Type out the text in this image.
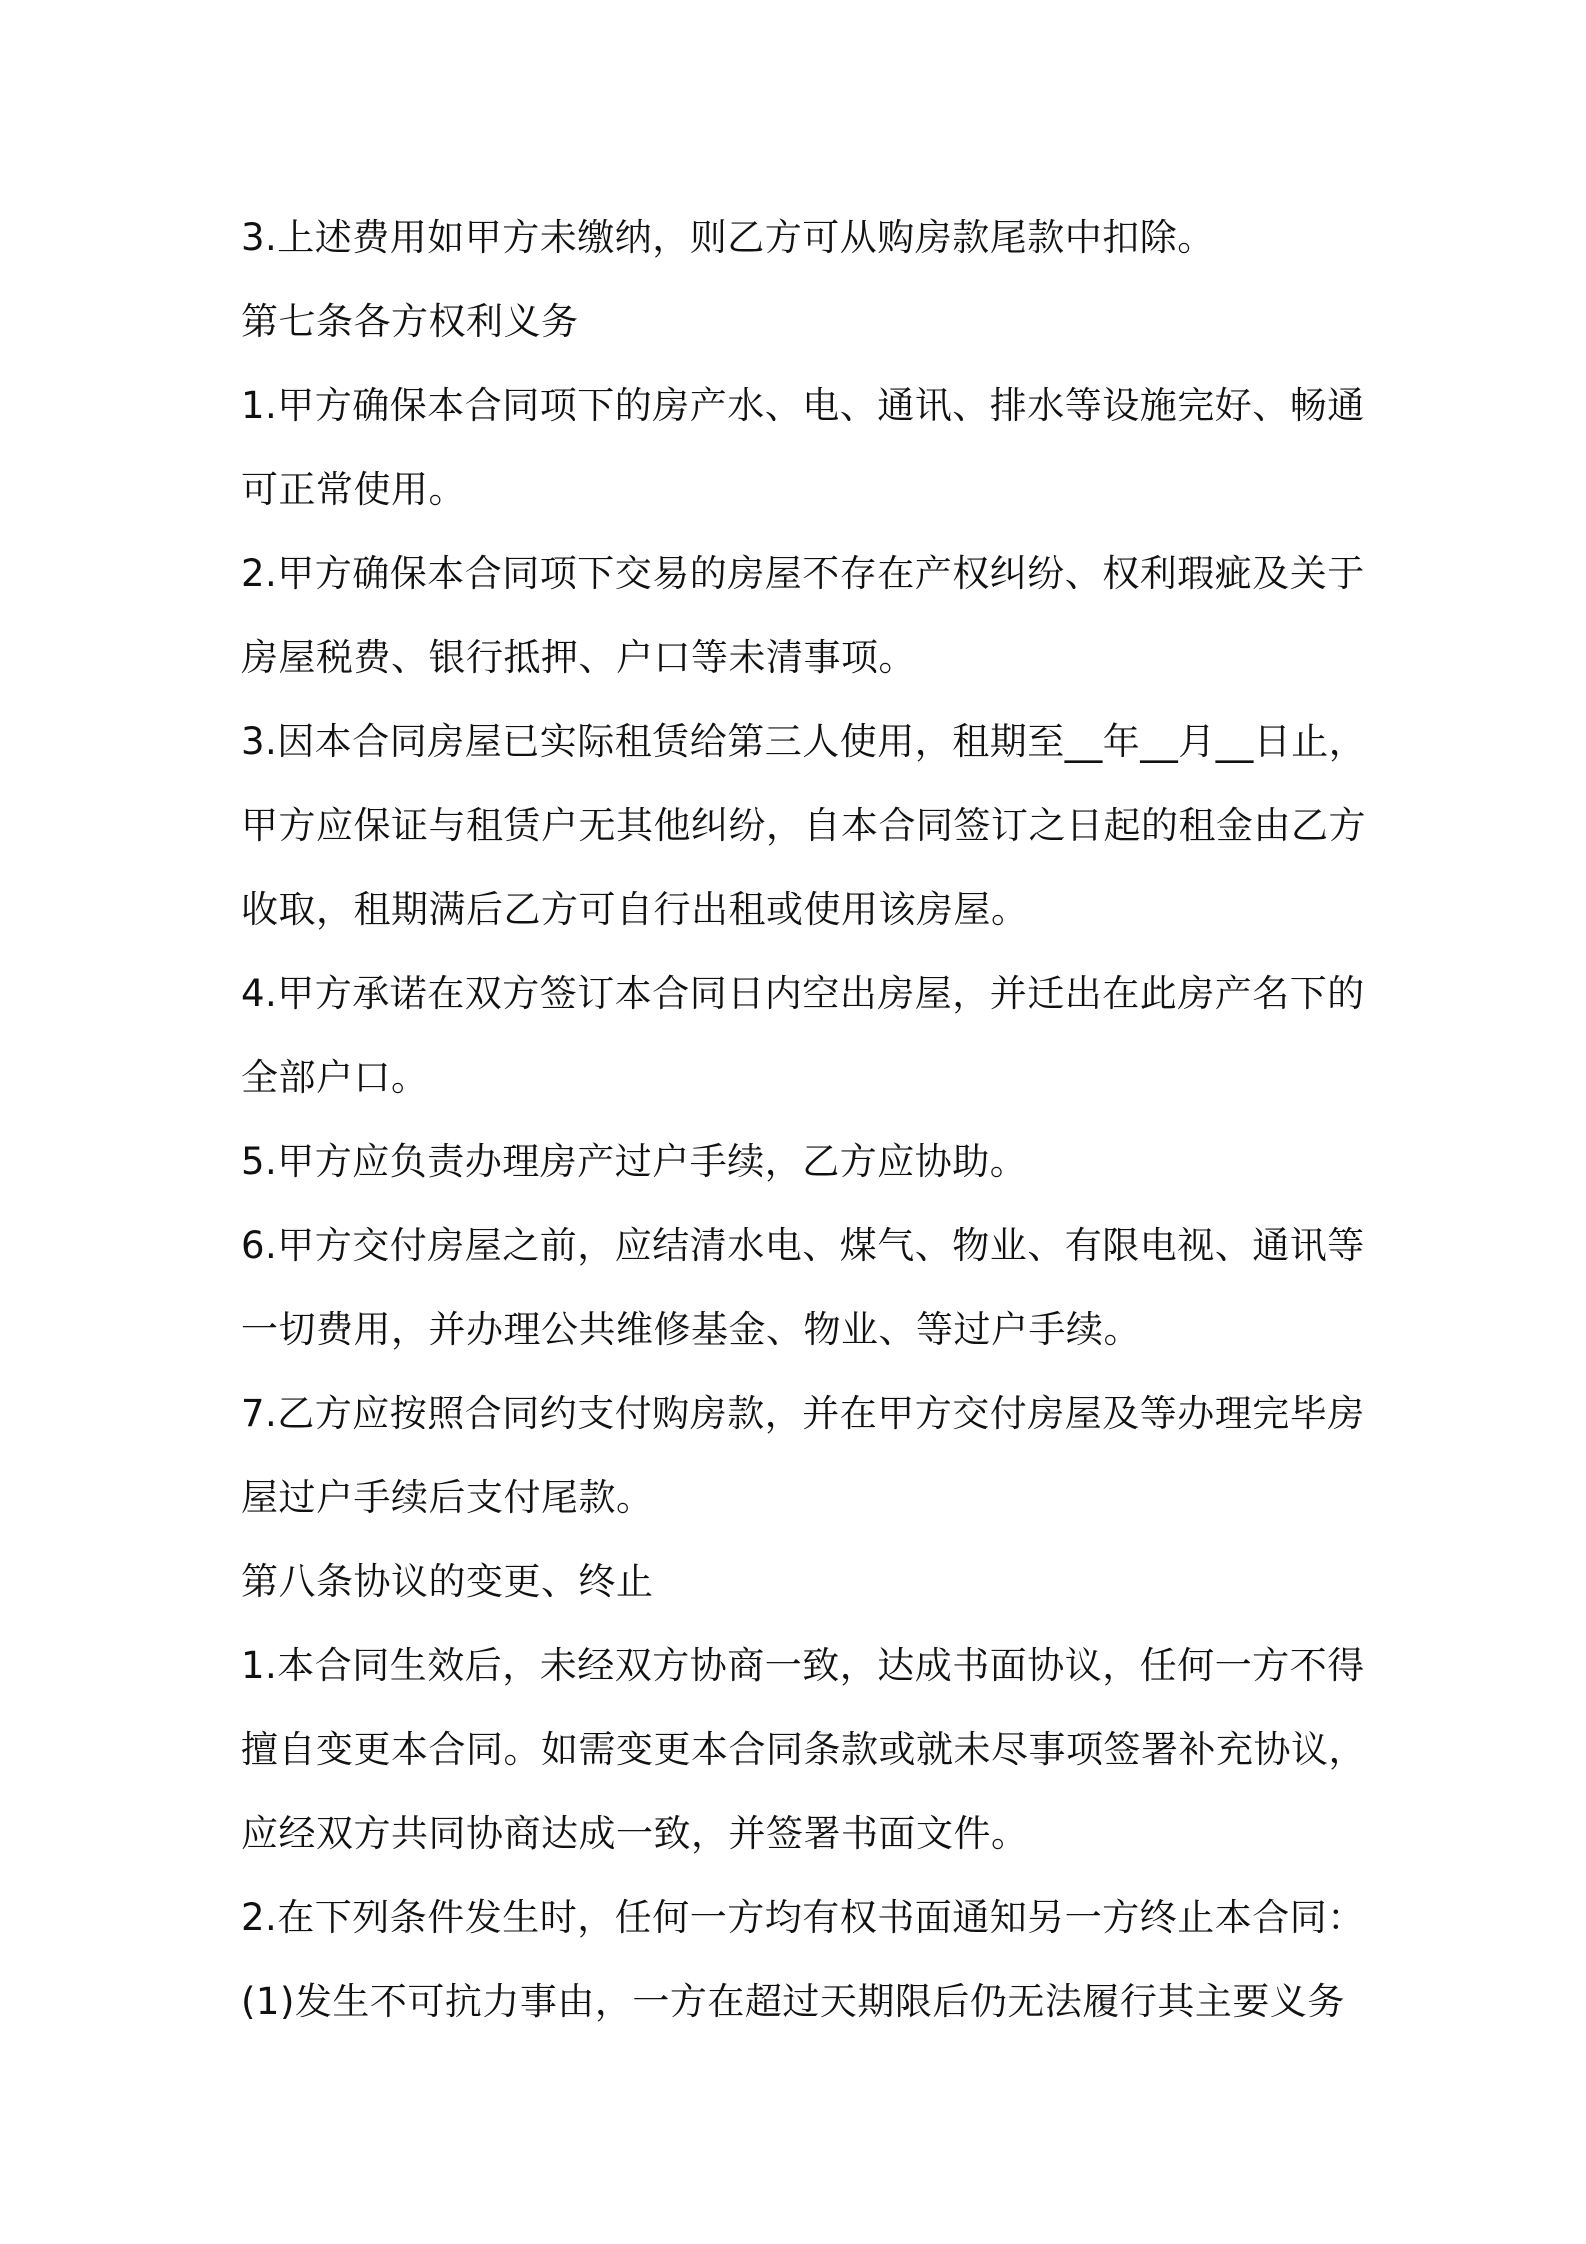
3.上述费用如甲方未缴纳，则乙方可从购房款尾款中扣除。
第七条各方权利义务
1.甲方确保本合同项下的房产水、电、通讯、排水等设施完好、畅通
可正常使用。
2.甲方确保本合同项下交易的房屋不存在产权纠纷、权利瑕疵及关于
房屋税费、银行抵押、户口等未清事项。
3.因本合同房屋已实际租赁给第三人使用，租期至__年__月__日止，
甲方应保证与租赁户无其他纠纷，自本合同签订之日起的租金由乙方
收取，租期满后乙方可自行出租或使用该房屋。
4.甲方承诺在双方签订本合同日内空出房屋，并迁出在此房产名下的
全部户口。
5.甲方应负责办理房产过户手续，乙方应协助。
6.甲方交付房屋之前，应结清水电、煤气、物业、有限电视、通讯等
一切费用，并办理公共维修基金、物业、等过户手续。
7.乙方应按照合同约支付购房款，并在甲方交付房屋及等办理完毕房
屋过户手续后支付尾款。
第八条协议的变更、终止
1.本合同生效后，未经双方协商一致，达成书面协议，任何一方不得
擅自变更本合同。如需变更本合同条款或就未尽事项签署补充协议，
应经双方共同协商达成一致，并签署书面文件。
2.在下列条件发生时，任何一方均有权书面通知另一方终止本合同：
(1)发生不可抗力事由，一方在超过天期限后仍无法履行其主要义务
